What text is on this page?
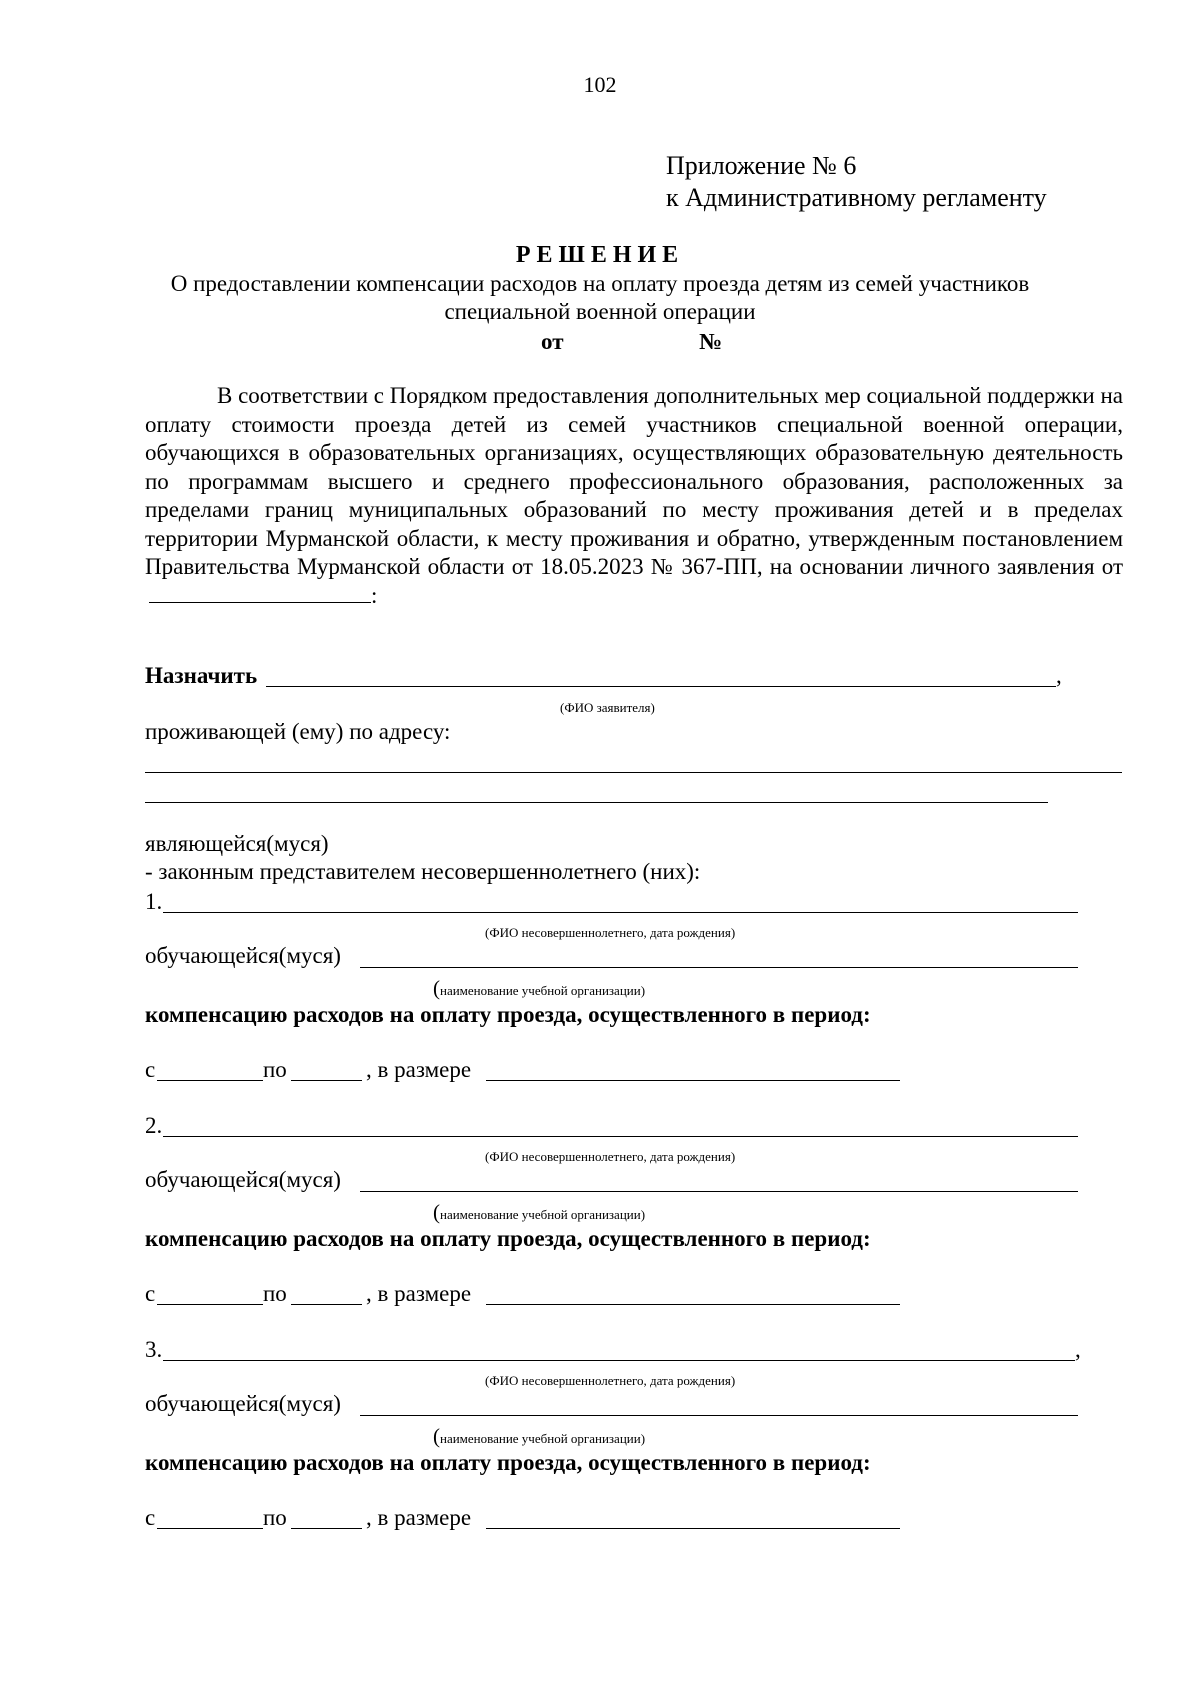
102
Приложение № 6
к Административному регламенту
РЕШЕНИЕ
О предоставлении компенсации расходов на оплату проезда детям из семей участников
специальной военной операции
от	№
В соответствии с Порядком предоставления дополнительных мер социальной поддержки на оплату стоимости проезда детей из семей участников специальной военной операции, обучающихся в образовательных организациях, осуществляющих образовательную деятельность по программам высшего и среднего профессионального образования, расположенных за пределами границ муниципальных образований по месту проживания детей и в пределах территории Мурманской области, к месту проживания и обратно, утвержденным постановлением Правительства Мурманской области от 18.05.2023 № 367-ПП, на основании личного заявления от:
Назначить	,
(ФИО заявителя)
проживающей (ему) по адресу:
являющейся(муся)
- законным представителем несовершеннолетнего (них):
1.
(ФИО несовершеннолетнего, дата рождения)
обучающейся(муся)
(наименование учебной организации)
компенсацию расходов на оплату проезда, осуществленного в период:
с	по	, в размере
2.
(ФИО несовершеннолетнего, дата рождения)
обучающейся(муся)
(наименование учебной организации)
компенсацию расходов на оплату проезда, осуществленного в период:
с	по	, в размере
3.	,
(ФИО несовершеннолетнего, дата рождения)
обучающейся(муся)
(наименование учебной организации)
компенсацию расходов на оплату проезда, осуществленного в период:
с	по	, в размере
